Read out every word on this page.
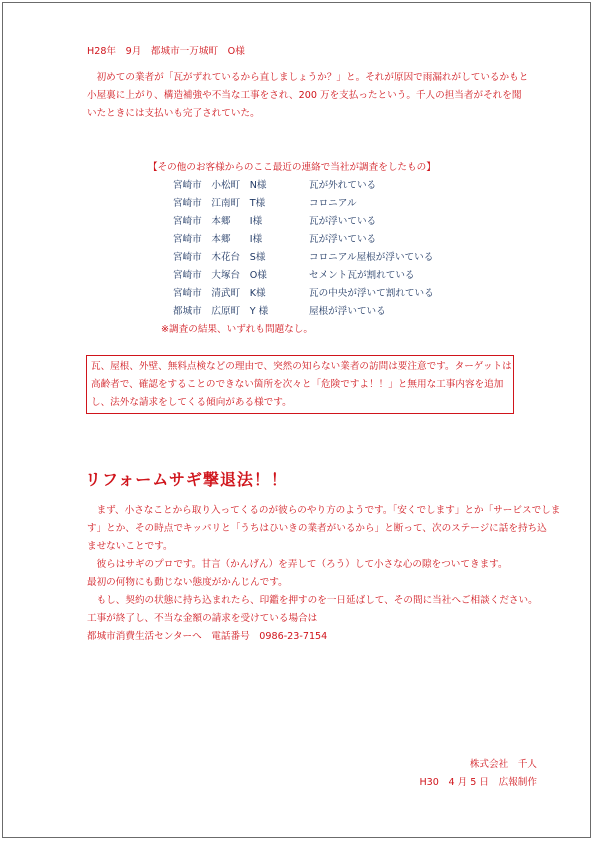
H28年　9月　都城市一万城町　O様
　初めての業者が「瓦がずれているから直しましょうか？」と。それが原因で雨漏れがしているかもと
小屋裏に上がり、構造補強や不当な工事をされ、200 万を支払ったという。千人の担当者がそれを聞
いたときには支払いも完了されていた。
【その他のお客様からのここ最近の連絡で当社が調査をしたもの】
宮崎市　小松町　N様	瓦が外れている
宮崎市　江南町　T様	コロニアル
宮崎市　本郷　　I様	瓦が浮いている
宮崎市　本郷　　I様	瓦が浮いている
宮崎市　木花台　S様	コロニアル屋根が浮いている
宮崎市　大塚台　O様	セメント瓦が割れている
宮崎市　清武町　K様	瓦の中央が浮いて割れている
都城市　広原町　Y 様	屋根が浮いている
※調査の結果、いずれも問題なし。
瓦、屋根、外壁、無料点検などの理由で、突然の知らない業者の訪問は要注意です。ターゲットは
高齢者で、確認をすることのできない箇所を次々と「危険ですよ！！」と無用な工事内容を追加
し、法外な請求をしてくる傾向がある様です。
リフォームサギ撃退法！！
　まず、小さなことから取り入ってくるのが彼らのやり方のようです。「安くでします」とか「サービスでしま
す」とか、その時点でキッパリと「うちはひいきの業者がいるから」と断って、次のステージに話を持ち込
ませないことです。
　彼らはサギのプロです。甘言（かんげん）を弄して（ろう）して小さな心の隙をついてきます。
最初の何物にも動じない態度がかんじんです。
　もし、契約の状態に持ち込まれたら、印鑑を押すのを一日延ばして、その間に当社へご相談ください。
工事が終了し、不当な金額の請求を受けている場合は
都城市消費生活センターへ　電話番号　0986-23-7154
株式会社　千人
H30　4 月 5 日　広報制作
